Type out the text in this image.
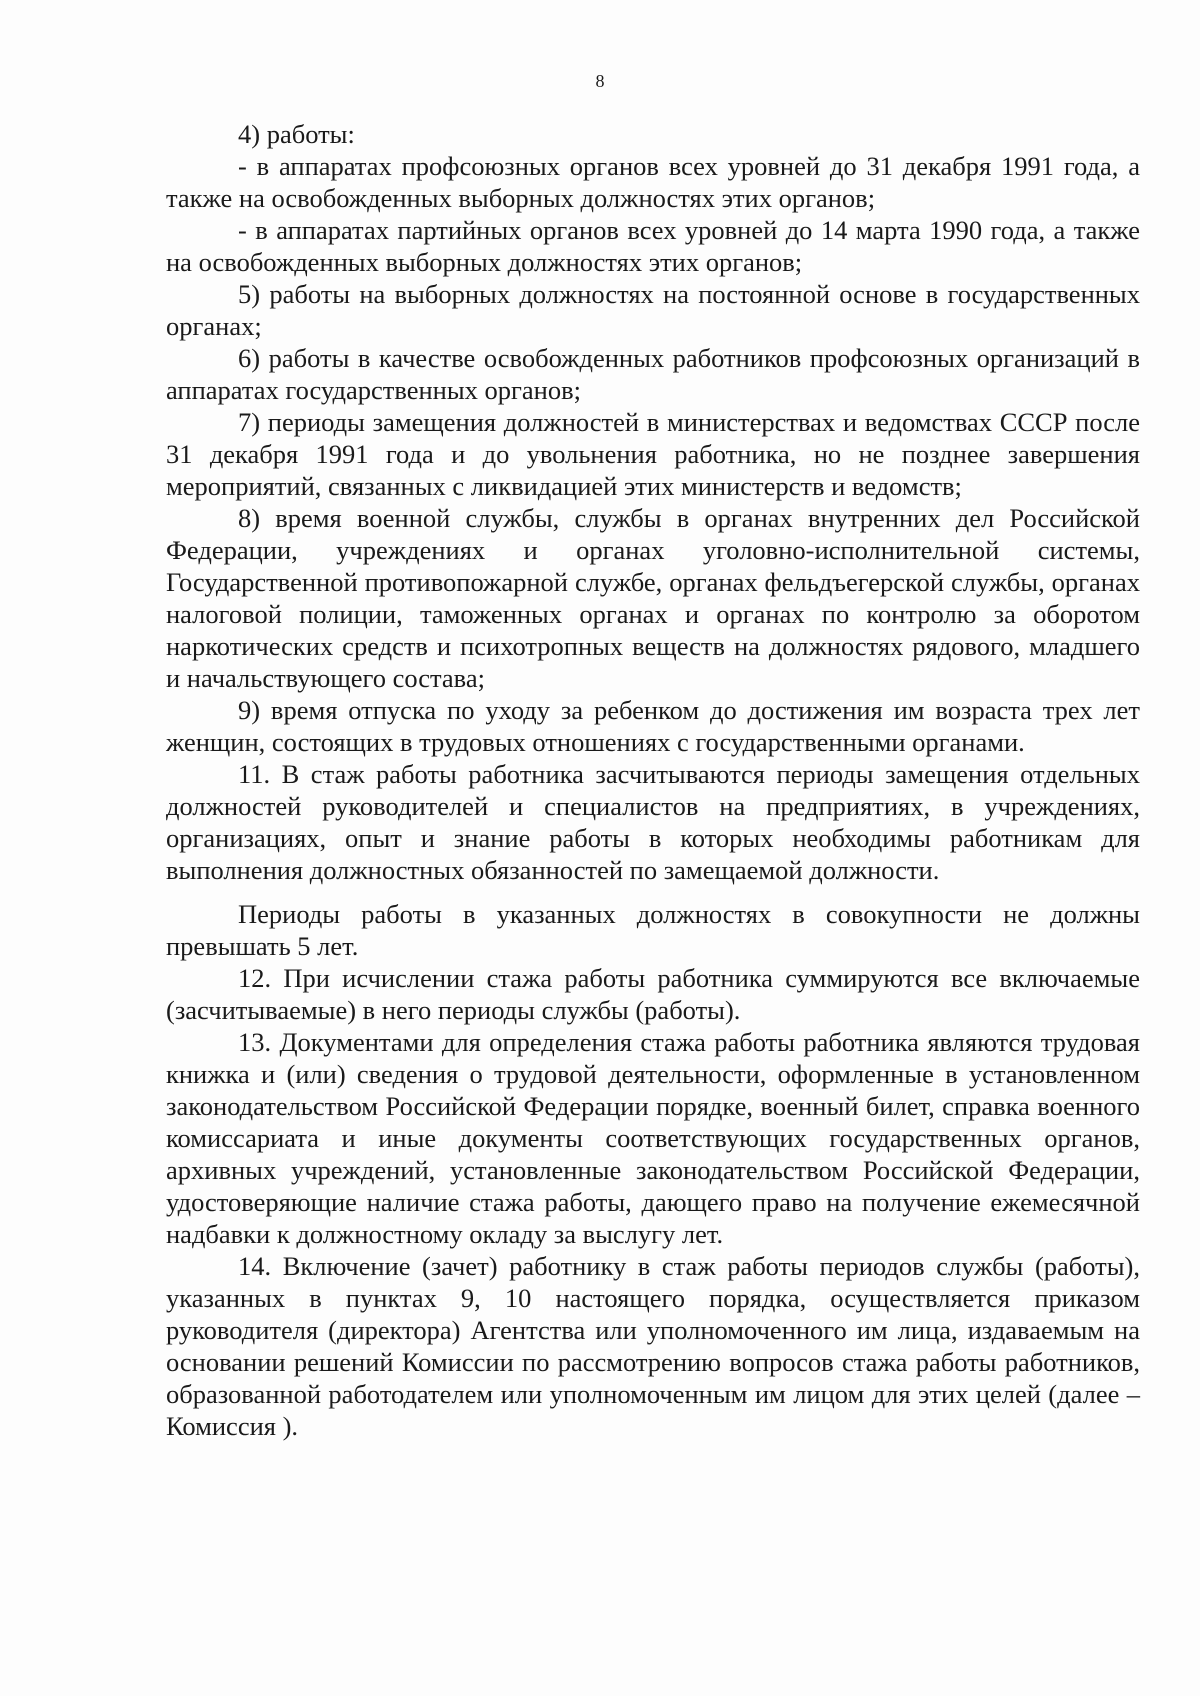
8

4) работы:

- в аппаратах профсоюзных органов всех уровней до 31 декабря 1991 года, а также на освобожденных выборных должностях этих органов;

- в аппаратах партийных органов всех уровней до 14 марта 1990 года, а также на освобожденных выборных должностях этих органов;

5) работы на выборных должностях на постоянной основе в государственных органах;

6) работы в качестве освобожденных работников профсоюзных организаций в аппаратах государственных органов;

7) периоды замещения должностей в министерствах и ведомствах СССР после 31 декабря 1991 года и до увольнения работника, но не позднее завершения мероприятий, связанных с ликвидацией этих министерств и ведомств;

8) время военной службы, службы в органах внутренних дел Российской Федерации, учреждениях и органах уголовно-исполнительной системы, Государственной противопожарной службе, органах фельдъегерской службы, органах налоговой полиции, таможенных органах и органах по контролю за оборотом наркотических средств и психотропных веществ на должностях рядового, младшего и начальствующего состава;

9) время отпуска по уходу за ребенком до достижения им возраста трех лет женщин, состоящих в трудовых отношениях с государственными органами.

11. В стаж работы работника засчитываются периоды замещения отдельных должностей руководителей и специалистов на предприятиях, в учреждениях, организациях, опыт и знание работы в которых необходимы работникам для выполнения должностных обязанностей по замещаемой должности.

Периоды работы в указанных должностях в совокупности не должны превышать 5 лет.

12. При исчислении стажа работы работника суммируются все включаемые (засчитываемые) в него периоды службы (работы).

13. Документами для определения стажа работы работника являются трудовая книжка и (или) сведения о трудовой деятельности, оформленные в установленном законодательством Российской Федерации порядке, военный билет, справка военного комиссариата и иные документы соответствующих государственных органов, архивных учреждений, установленные законодательством Российской Федерации, удостоверяющие наличие стажа работы, дающего право на получение ежемесячной надбавки к должностному окладу за выслугу лет.

14. Включение (зачет) работнику в стаж работы периодов службы (работы), указанных в пунктах 9, 10 настоящего порядка, осуществляется приказом руководителя (директора) Агентства или уполномоченного им лица, издаваемым на основании решений Комиссии по рассмотрению вопросов стажа работы работников, образованной работодателем или уполномоченным им лицом для этих целей (далее – Комиссия ).
